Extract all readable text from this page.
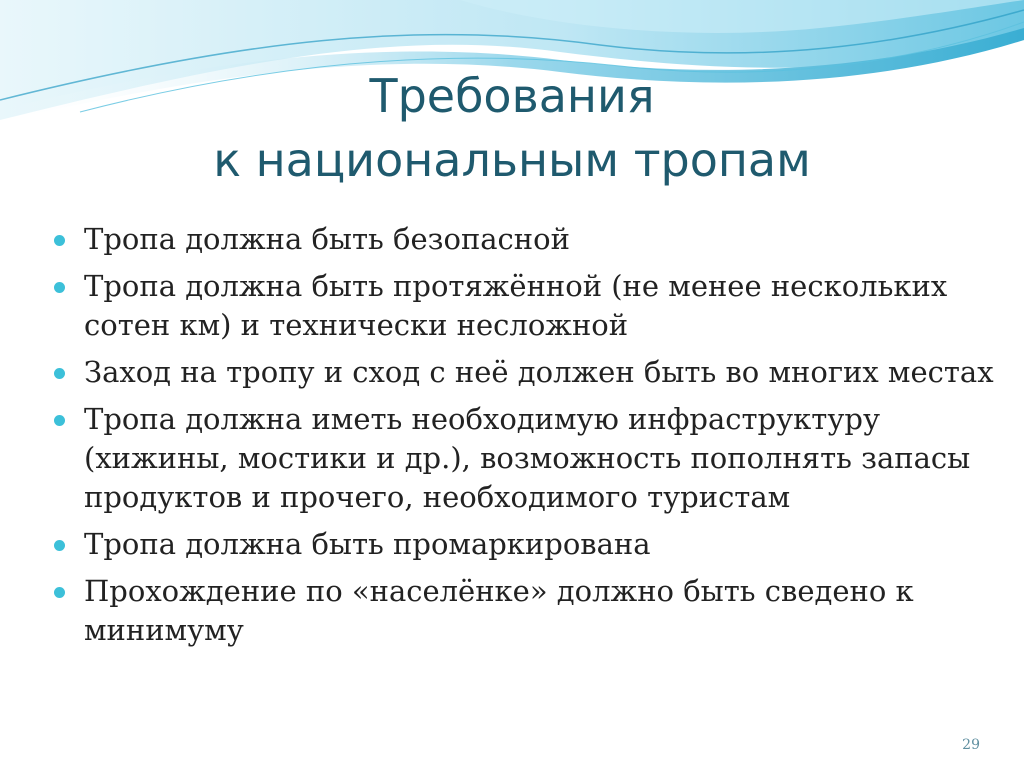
Требования
к национальным тропам
Тропа должна быть безопасной
Тропа должна быть протяжённой (не менее нескольких сотен км) и технически несложной
Заход на тропу и сход с неё должен быть во многих местах
Тропа должна иметь необходимую инфраструктуру (хижины, мостики и др.), возможность пополнять запасы продуктов и прочего, необходимого туристам
Тропа должна быть промаркирована
Прохождение по «населёнке» должно быть сведено к минимуму
29
